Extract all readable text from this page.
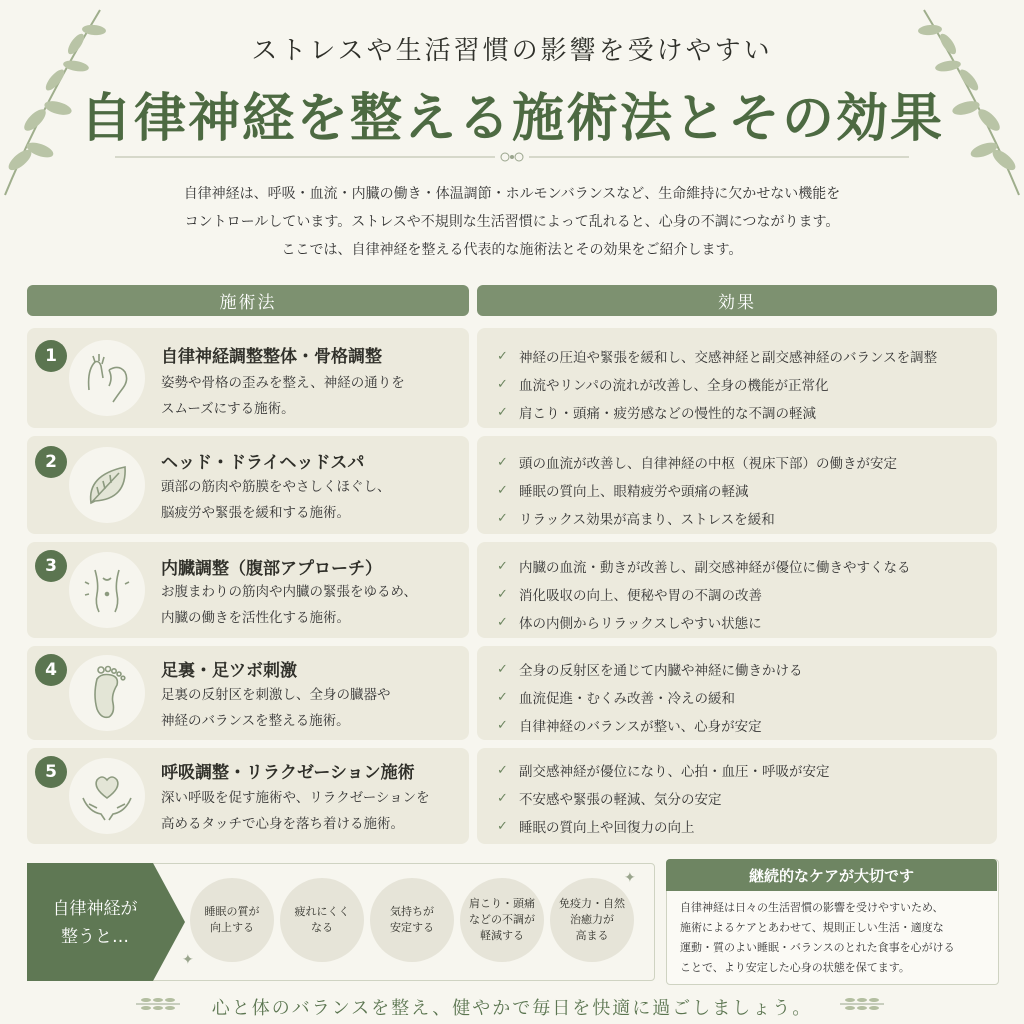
ストレスや生活習慣の影響を受けやすい
自律神経を整える施術法とその効果
自律神経は、呼吸・血流・内臓の働き・体温調節・ホルモンバランスなど、生命維持に欠かせない機能を
コントロールしています。ストレスや不規則な生活習慣によって乱れると、心身の不調につながります。
ここでは、自律神経を整える代表的な施術法とその効果をご紹介します。
施術法	効果
1	自律神経調整整体・骨格調整
姿勢や骨格の歪みを整え、神経の通りを
スムーズにする施術。
✓ 神経の圧迫や緊張を緩和し、交感神経と副交感神経のバランスを調整
✓ 血流やリンパの流れが改善し、全身の機能が正常化
✓ 肩こり・頭痛・疲労感などの慢性的な不調の軽減
2	ヘッド・ドライヘッドスパ
頭部の筋肉や筋膜をやさしくほぐし、
脳疲労や緊張を緩和する施術。
✓ 頭の血流が改善し、自律神経の中枢（視床下部）の働きが安定
✓ 睡眠の質向上、眼精疲労や頭痛の軽減
✓ リラックス効果が高まり、ストレスを緩和
3	内臓調整（腹部アプローチ）
お腹まわりの筋肉や内臓の緊張をゆるめ、
内臓の働きを活性化する施術。
✓ 内臓の血流・動きが改善し、副交感神経が優位に働きやすくなる
✓ 消化吸収の向上、便秘や胃の不調の改善
✓ 体の内側からリラックスしやすい状態に
4	足裏・足ツボ刺激
足裏の反射区を刺激し、全身の臓器や
神経のバランスを整える施術。
✓ 全身の反射区を通じて内臓や神経に働きかける
✓ 血流促進・むくみ改善・冷えの緩和
✓ 自律神経のバランスが整い、心身が安定
5	呼吸調整・リラクゼーション施術
深い呼吸を促す施術や、リラクゼーションを
高めるタッチで心身を落ち着ける施術。
✓ 副交感神経が優位になり、心拍・血圧・呼吸が安定
✓ 不安感や緊張の軽減、気分の安定
✓ 睡眠の質向上や回復力の向上
自律神経が
整うと…
睡眠の質が
向上する
疲れにくく
なる
気持ちが
安定する
肩こり・頭痛
などの不調が
軽減する
免疫力・自然
治癒力が
高まる
✦
✦	継続的なケアが大切です
自律神経は日々の生活習慣の影響を受けやすいため、
施術によるケアとあわせて、規則正しい生活・適度な
運動・質のよい睡眠・バランスのとれた食事を心がける
ことで、より安定した心身の状態を保てます。
心と体のバランスを整え、健やかで毎日を快適に過ごしましょう。
